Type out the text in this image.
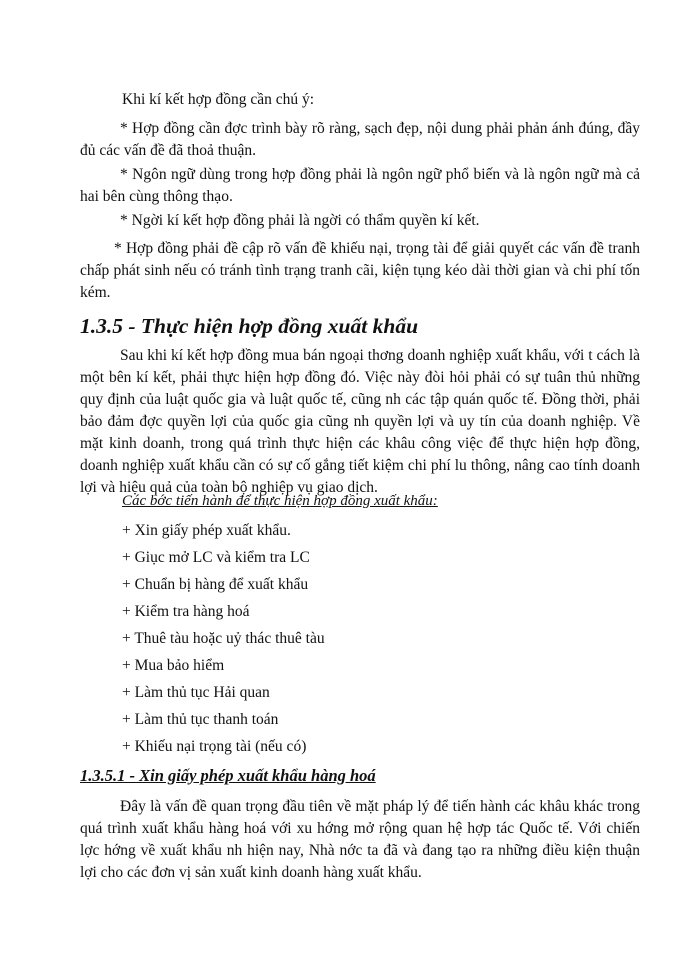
Khi kí kết hợp đồng cần chú ý:
* Hợp đồng cần đợc trình bày rõ ràng, sạch đẹp, nội dung phải phản ánh đúng, đầy đủ các vấn đề đã thoả thuận.
* Ngôn ngữ dùng trong hợp đồng phải là ngôn ngữ phổ biến và là ngôn ngữ mà cả hai bên cùng thông thạo.
* Ngời kí kết hợp đồng phải là ngời có thẩm quyền kí kết.
* Hợp đồng phải đề cập rõ vấn đề khiếu nại, trọng tài để giải quyết các vấn đề tranh chấp phát sinh nếu có tránh tình trạng tranh cãi, kiện tụng kéo dài thời gian và chi phí tốn kém.
1.3.5 - Thực hiện hợp đồng xuất khẩu
Sau khi kí kết hợp đồng mua bán ngoại thơng doanh nghiệp xuất khẩu, với t cách là một bên kí kết, phải thực hiện hợp đồng đó. Việc này đòi hỏi phải có sự tuân thủ những quy định của luật quốc gia và luật quốc tế, cũng nh các tập quán quốc tế. Đồng thời, phải bảo đảm đợc quyền lợi của quốc gia cũng nh quyền lợi và uy tín của doanh nghiệp. Về mặt kinh doanh, trong quá trình thực hiện các khâu công việc để thực hiện hợp đồng, doanh nghiệp xuất khẩu cần có sự cố gắng tiết kiệm chi phí lu thông, nâng cao tính doanh lợi và hiệu quả của toàn bộ nghiệp vụ giao dịch.
Các bớc tiến hành để thực hiện hợp đồng xuất khẩu:
+ Xin giấy phép xuất khẩu.
+ Giục mở LC và kiểm tra LC
+ Chuẩn bị hàng để xuất khẩu
+ Kiểm tra hàng hoá
+ Thuê tàu hoặc uỷ thác thuê tàu
+ Mua bảo hiểm
+ Làm thủ tục Hải quan
+ Làm thủ tục thanh toán
+ Khiếu nại trọng tài (nếu có)
1.3.5.1 - Xin giấy phép xuất khẩu hàng hoá
Đây là vấn đề quan trọng đầu tiên về mặt pháp lý để tiến hành các khâu khác trong quá trình xuất khẩu hàng hoá với xu hớng mở rộng quan hệ hợp tác Quốc tế. Với chiến lợc hớng về xuất khẩu nh hiện nay, Nhà nớc ta đã và đang tạo ra những điều kiện thuận lợi cho các đơn vị sản xuất kinh doanh hàng xuất khẩu.
